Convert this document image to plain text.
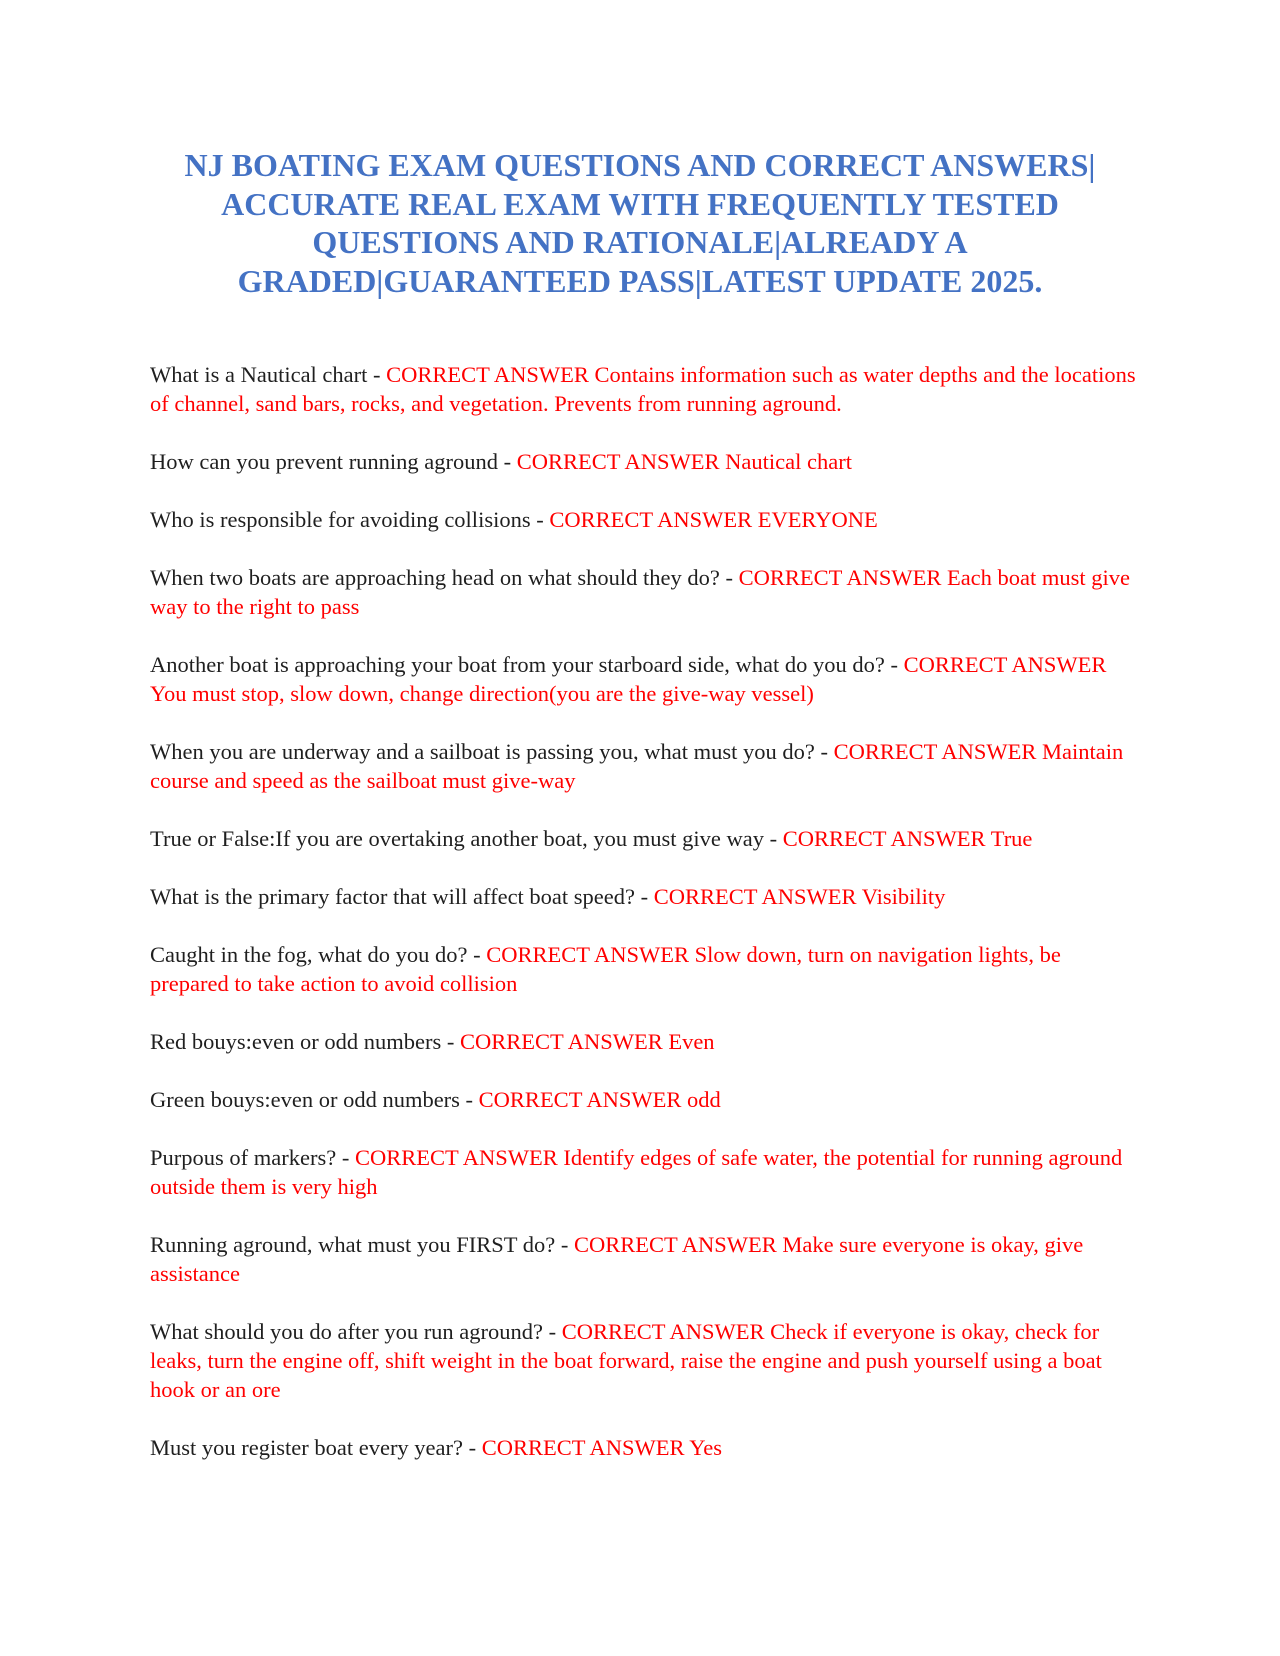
NJ BOATING EXAM QUESTIONS AND CORRECT ANSWERS| ACCURATE REAL EXAM WITH FREQUENTLY TESTED QUESTIONS AND RATIONALE|ALREADY A GRADED|GUARANTEED PASS|LATEST UPDATE 2025.
What is a Nautical chart - CORRECT ANSWER Contains information such as water depths and the locations of channel, sand bars, rocks, and vegetation. Prevents from running aground.
How can you prevent running aground - CORRECT ANSWER Nautical chart
Who is responsible for avoiding collisions - CORRECT ANSWER EVERYONE
When two boats are approaching head on what should they do? - CORRECT ANSWER Each boat must give way to the right to pass
Another boat is approaching your boat from your starboard side, what do you do? - CORRECT ANSWER You must stop, slow down, change direction(you are the give-way vessel)
When you are underway and a sailboat is passing you, what must you do? - CORRECT ANSWER Maintain course and speed as the sailboat must give-way
True or False:If you are overtaking another boat, you must give way - CORRECT ANSWER True
What is the primary factor that will affect boat speed? - CORRECT ANSWER Visibility
Caught in the fog, what do you do? - CORRECT ANSWER Slow down, turn on navigation lights, be prepared to take action to avoid collision
Red bouys:even or odd numbers - CORRECT ANSWER Even
Green bouys:even or odd numbers - CORRECT ANSWER odd
Purpous of markers? - CORRECT ANSWER Identify edges of safe water, the potential for running aground outside them is very high
Running aground, what must you FIRST do? - CORRECT ANSWER Make sure everyone is okay, give assistance
What should you do after you run aground? - CORRECT ANSWER Check if everyone is okay, check for leaks, turn the engine off, shift weight in the boat forward, raise the engine and push yourself using a boat hook or an ore
Must you register boat every year? - CORRECT ANSWER Yes
